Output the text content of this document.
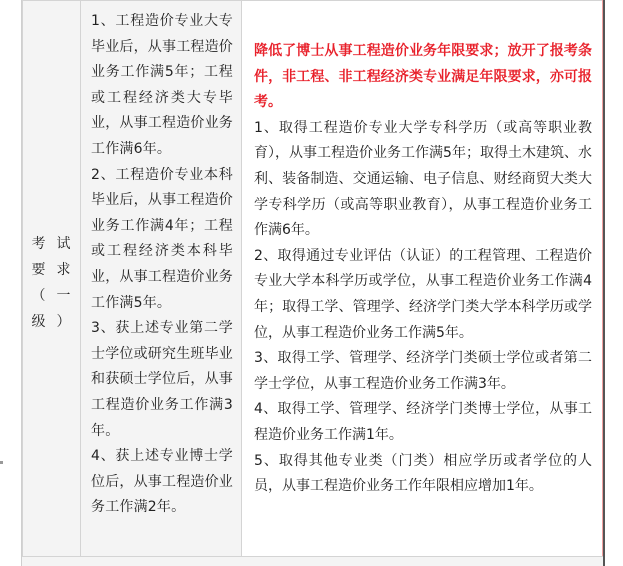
考试要求（一级）

1、工程造价专业大专毕业后，从事工程造价业务工作满5年；工程或工程经济类大专毕业，从事工程造价业务工作满6年。
2、工程造价专业本科毕业后，从事工程造价业务工作满4年；工程或工程经济类本科毕业，从事工程造价业务工作满5年。
3、获上述专业第二学士学位或研究生班毕业和获硕士学位后，从事工程造价业务工作满3年。
4、获上述专业博士学位后，从事工程造价业务工作满2年。

降低了博士从事工程造价业务年限要求；放开了报考条件，非工程、非工程经济类专业满足年限要求，亦可报考。
1、取得工程造价专业大学专科学历（或高等职业教育），从事工程造价业务工作满5年；取得土木建筑、水利、装备制造、交通运输、电子信息、财经商贸大类大学专科学历（或高等职业教育），从事工程造价业务工作满6年。
2、取得通过专业评估（认证）的工程管理、工程造价专业大学本科学历或学位，从事工程造价业务工作满4年；取得工学、管理学、经济学门类大学本科学历或学位，从事工程造价业务工作满5年。
3、取得工学、管理学、经济学门类硕士学位或者第二学士学位，从事工程造价业务工作满3年。
4、取得工学、管理学、经济学门类博士学位，从事工程造价业务工作满1年。
5、取得其他专业类（门类）相应学历或者学位的人员，从事工程造价业务工作年限相应增加1年。
